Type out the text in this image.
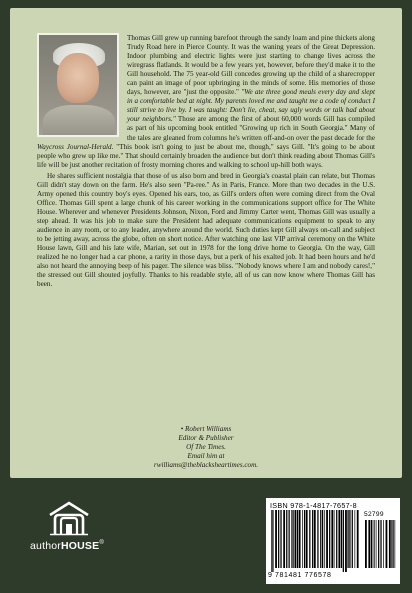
Thomas Gill grew up running barefoot through the sandy loam and pine thickets along Trudy Road here in Pierce County. It was the waning years of the Great Depression. Indoor plumbing and electric lights were just starting to change lives across the wiregrass flatlands. It would be a few years yet, however, before they'd make it to the Gill household. The 75 year-old Gill concedes growing up the child of a sharecropper can paint an image of poor upbringing in the minds of some. His memories of those days, however, are "just the opposite." "We ate three good meals every day and slept in a comfortable bed at night. My parents loved me and taught me a code of conduct I still strive to live by. I was taught: Don't lie, cheat, say ugly words or talk bad about your neighbors." Those are among the first of about 60,000 words Gill has compiled as part of his upcoming book entitled "Growing up rich in South Georgia." Many of the tales are gleaned from columns he's written off-and-on over the past decade for the Waycross Journal-Herald. "This book isn't going to just be about me, though," says Gill. "It's going to be about people who grew up like me." That should certainly broaden the audience but don't think reading about Thomas Gill's life will be just another recitation of frosty morning chores and walking to school up-hill both ways.

He shares sufficient nostalgia that those of us also born and bred in Georgia's coastal plain can relate, but Thomas Gill didn't stay down on the farm. He's also seen "Pa-ree." As in Paris, France. More than two decades in the U.S. Army opened this country boy's eyes. Opened his ears, too, as Gill's orders often were coming direct from the Oval Office. Thomas Gill spent a large chunk of his career working in the communications support office for The White House. Wherever and whenever Presidents Johnson, Nixon, Ford and Jimmy Carter went, Thomas Gill was usually a step ahead. It was his job to make sure the President had adequate communications equipment to speak to any audience in any room, or to any leader, anywhere around the world. Such duties kept Gill always on-call and subject to be jetting away, across the globe, often on short notice. After watching one last VIP arrival ceremony on the White House lawn, Gill and his late wife, Marian, set out in 1978 for the long drive home to Georgia. On the way, Gill realized he no longer had a car phone, a rarity in those days, but a perk of his exalted job. It had been hours and he'd also not heard the annoying beep of his pager. The silence was bliss. "Nobody knows where I am and nobody cares!," the stressed out Gill shouted joyfully. Thanks to his readable style, all of us can now know where Thomas Gill has been.

• Robert Williams
Editor & Publisher
Of The Times.
Email him at
rwilliams@theblacksheartimes.com.
authorHOUSE®
ISBN 978-1-4817-7657-8
52799
9 781481 776578
